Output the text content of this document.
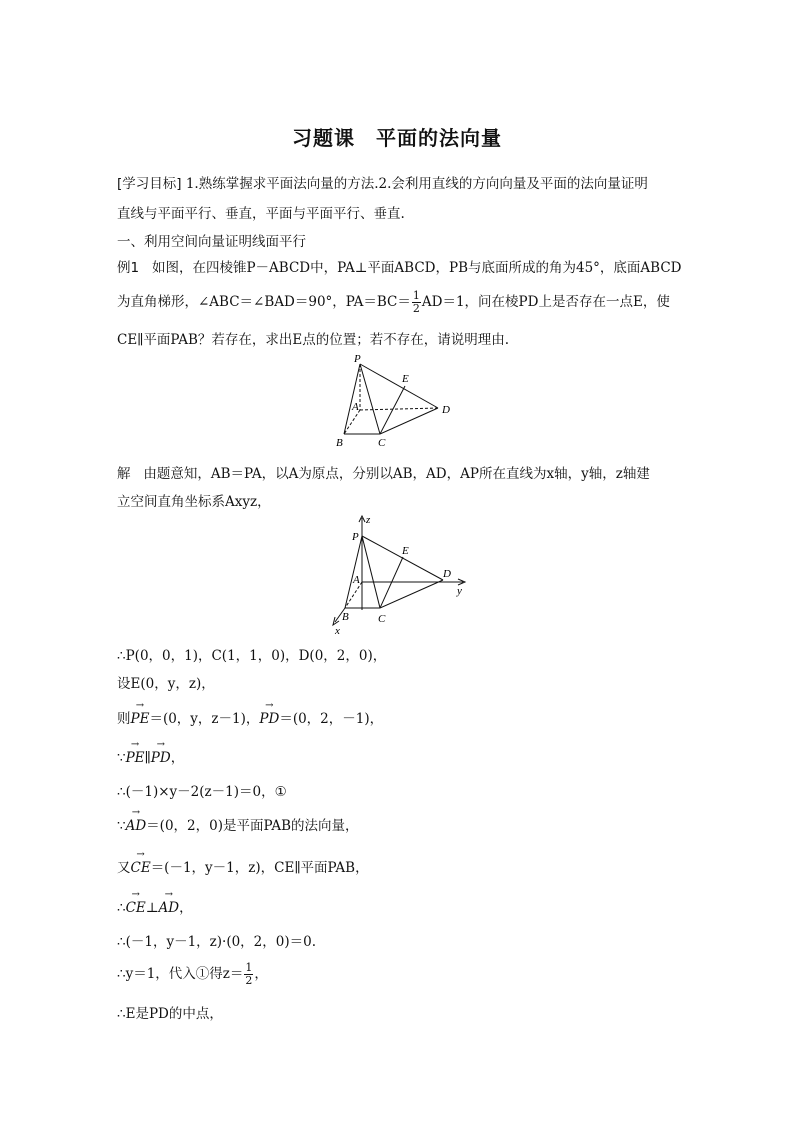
习题课　平面的法向量
[学习目标] 1.熟练掌握求平面法向量的方法.2.会利用直线的方向向量及平面的法向量证明
直线与平面平行、垂直，平面与平面平行、垂直.
一、利用空间向量证明线面平行
例1 如图，在四棱锥P－ABCD中，PA⊥平面ABCD，PB与底面所成的角为45°，底面ABCD
为直角梯形，∠ABC＝∠BAD＝90°，$PA=BC= \frac{1}{2} AD=1$，问在棱PD上是否存在一点E，使
CE∥平面PAB？若存在，求出E点的位置；若不存在，请说明理由.
P
E
A	D
B	C
解 由题意知，AB＝PA，以A为原点，分别以AB，AD，AP所在直线为x轴，y轴，z轴建
立空间直角坐标系Axyz，
z
P
E
A	D
y
B	C
x
∴P(0，0，1)，C(1，1，0)，D(0，2，0)，
设E(0，y，z)，
则→ PE＝(0，y，z－1)，→ PD＝(0，2，－1)，
∵→ PE∥→ PD，
∴(－1)×y－2(z－1)＝0，①
∵→ AD＝(0，2，0)是平面PAB的法向量，
又→ CE＝(－1，y－1，z)，CE∥平面PAB，
∴→ CE⊥→ AD，
∴(－1，y－1，z)·(0，2，0)＝0.
∴y＝1，代入①得$z= \frac{1}{2}$ ，
∴E是PD的中点，
